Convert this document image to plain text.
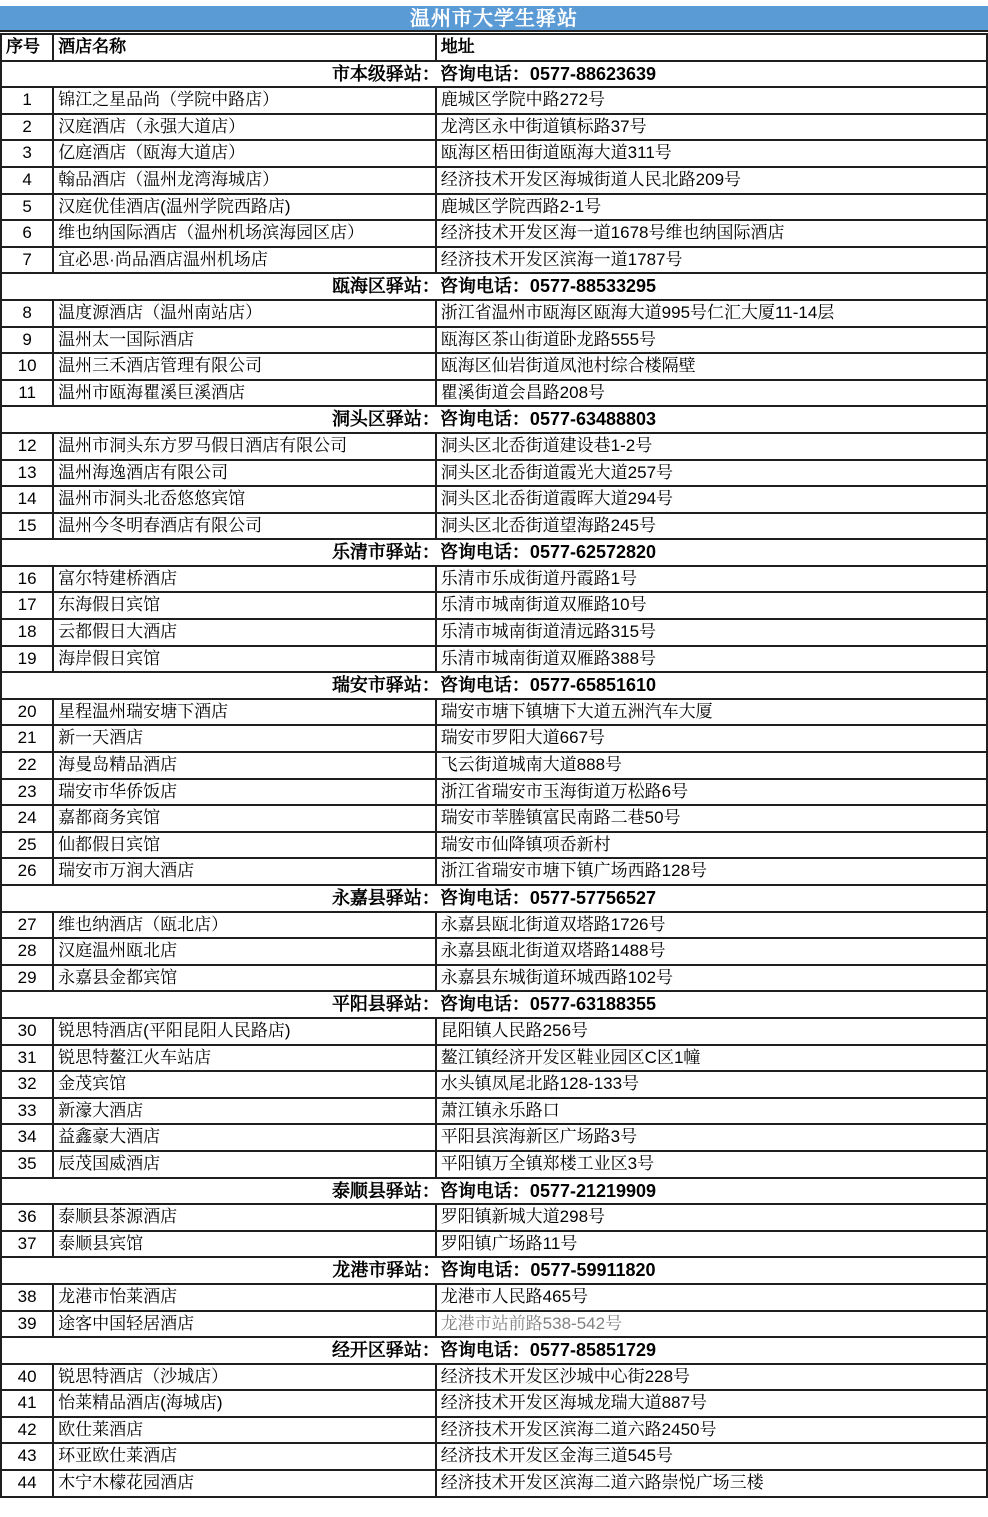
温州市大学生驿站
序号	酒店名称	地址
市本级驿站：咨询电话：0577-88623639		
1	锦江之星品尚（学院中路店）	鹿城区学院中路272号
2	汉庭酒店（永强大道店）	龙湾区永中街道镇标路37号
3	亿庭酒店（瓯海大道店）	瓯海区梧田街道瓯海大道311号
4	翰品酒店（温州龙湾海城店）	经济技术开发区海城街道人民北路209号
5	汉庭优佳酒店(温州学院西路店)	鹿城区学院西路2-1号
6	维也纳国际酒店（温州机场滨海园区店）	经济技术开发区海一道1678号维也纳国际酒店
7	宜必思·尚品酒店温州机场店	经济技术开发区滨海一道1787号
瓯海区驿站：咨询电话：0577-88533295		
8	温度源酒店（温州南站店）	浙江省温州市瓯海区瓯海大道995号仁汇大厦11-14层
9	温州太一国际酒店	瓯海区茶山街道卧龙路555号
10	温州三禾酒店管理有限公司	瓯海区仙岩街道凤池村综合楼隔壁
11	温州市瓯海瞿溪巨溪酒店	瞿溪街道会昌路208号
洞头区驿站：咨询电话：0577-63488803		
12	温州市洞头东方罗马假日酒店有限公司	洞头区北岙街道建设巷1-2号
13	温州海逸酒店有限公司	洞头区北岙街道霞光大道257号
14	温州市洞头北岙悠悠宾馆	洞头区北岙街道霞晖大道294号
15	温州今冬明春酒店有限公司	洞头区北岙街道望海路245号
乐清市驿站：咨询电话：0577-62572820		
16	富尔特建桥酒店	乐清市乐成街道丹霞路1号
17	东海假日宾馆	乐清市城南街道双雁路10号
18	云都假日大酒店	乐清市城南街道清远路315号
19	海岸假日宾馆	乐清市城南街道双雁路388号
瑞安市驿站：咨询电话：0577-65851610		
20	星程温州瑞安塘下酒店	瑞安市塘下镇塘下大道五洲汽车大厦
21	新一天酒店	瑞安市罗阳大道667号
22	海曼岛精品酒店	飞云街道城南大道888号
23	瑞安市华侨饭店	浙江省瑞安市玉海街道万松路6号
24	嘉都商务宾馆	瑞安市莘塍镇富民南路二巷50号
25	仙都假日宾馆	瑞安市仙降镇项岙新村
26	瑞安市万润大酒店	浙江省瑞安市塘下镇广场西路128号
永嘉县驿站：咨询电话：0577-57756527		
27	维也纳酒店（瓯北店）	永嘉县瓯北街道双塔路1726号
28	汉庭温州瓯北店	永嘉县瓯北街道双塔路1488号
29	永嘉县金都宾馆	永嘉县东城街道环城西路102号
平阳县驿站：咨询电话：0577-63188355		
30	锐思特酒店(平阳昆阳人民路店)	昆阳镇人民路256号
31	锐思特鳌江火车站店	鳌江镇经济开发区鞋业园区C区1幢
32	金茂宾馆	水头镇凤尾北路128-133号
33	新濠大酒店	萧江镇永乐路口
34	益鑫豪大酒店	平阳县滨海新区广场路3号
35	辰茂国威酒店	平阳镇万全镇郑楼工业区3号
泰顺县驿站：咨询电话：0577-21219909		
36	泰顺县茶源酒店	罗阳镇新城大道298号
37	泰顺县宾馆	罗阳镇广场路11号
龙港市驿站：咨询电话：0577-59911820		
38	龙港市怡莱酒店	龙港市人民路465号
39	途客中国轻居酒店	龙港市站前路538-542号
经开区驿站：咨询电话：0577-85851729		
40	锐思特酒店（沙城店）	经济技术开发区沙城中心街228号
41	怡莱精品酒店(海城店)	经济技术开发区海城龙瑞大道887号
42	欧仕莱酒店	经济技术开发区滨海二道六路2450号
43	环亚欧仕莱酒店	经济技术开发区金海三道545号
44	木宁木檬花园酒店	经济技术开发区滨海二道六路崇悦广场三楼
